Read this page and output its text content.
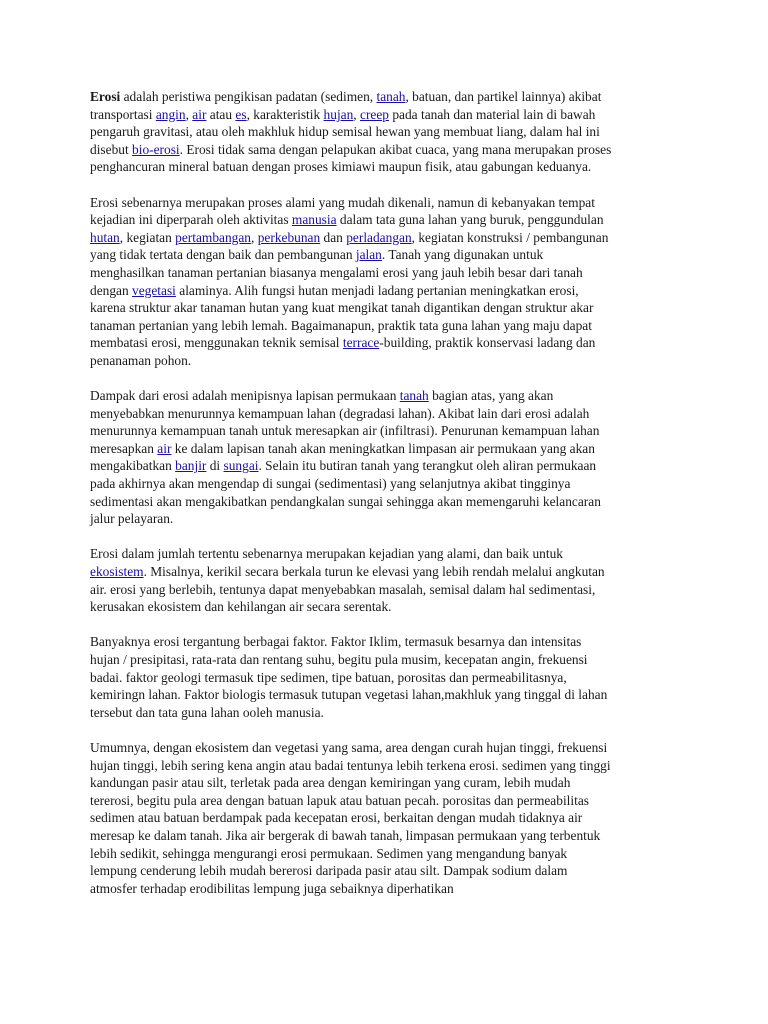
Erosi adalah peristiwa pengikisan padatan (sedimen, tanah, batuan, dan partikel lainnya) akibat
transportasi angin, air atau es, karakteristik hujan, creep pada tanah dan material lain di bawah
pengaruh gravitasi, atau oleh makhluk hidup semisal hewan yang membuat liang, dalam hal ini
disebut bio-erosi. Erosi tidak sama dengan pelapukan akibat cuaca, yang mana merupakan proses
penghancuran mineral batuan dengan proses kimiawi maupun fisik, atau gabungan keduanya.

Erosi sebenarnya merupakan proses alami yang mudah dikenali, namun di kebanyakan tempat
kejadian ini diperparah oleh aktivitas manusia dalam tata guna lahan yang buruk, penggundulan
hutan, kegiatan pertambangan, perkebunan dan perladangan, kegiatan konstruksi / pembangunan
yang tidak tertata dengan baik dan pembangunan jalan. Tanah yang digunakan untuk
menghasilkan tanaman pertanian biasanya mengalami erosi yang jauh lebih besar dari tanah
dengan vegetasi alaminya. Alih fungsi hutan menjadi ladang pertanian meningkatkan erosi,
karena struktur akar tanaman hutan yang kuat mengikat tanah digantikan dengan struktur akar
tanaman pertanian yang lebih lemah. Bagaimanapun, praktik tata guna lahan yang maju dapat
membatasi erosi, menggunakan teknik semisal terrace-building, praktik konservasi ladang dan
penanaman pohon.

Dampak dari erosi adalah menipisnya lapisan permukaan tanah bagian atas, yang akan
menyebabkan menurunnya kemampuan lahan (degradasi lahan). Akibat lain dari erosi adalah
menurunnya kemampuan tanah untuk meresapkan air (infiltrasi). Penurunan kemampuan lahan
meresapkan air ke dalam lapisan tanah akan meningkatkan limpasan air permukaan yang akan
mengakibatkan banjir di sungai. Selain itu butiran tanah yang terangkut oleh aliran permukaan
pada akhirnya akan mengendap di sungai (sedimentasi) yang selanjutnya akibat tingginya
sedimentasi akan mengakibatkan pendangkalan sungai sehingga akan memengaruhi kelancaran
jalur pelayaran.

Erosi dalam jumlah tertentu sebenarnya merupakan kejadian yang alami, dan baik untuk
ekosistem. Misalnya, kerikil secara berkala turun ke elevasi yang lebih rendah melalui angkutan
air. erosi yang berlebih, tentunya dapat menyebabkan masalah, semisal dalam hal sedimentasi,
kerusakan ekosistem dan kehilangan air secara serentak.

Banyaknya erosi tergantung berbagai faktor. Faktor Iklim, termasuk besarnya dan intensitas
hujan / presipitasi, rata-rata dan rentang suhu, begitu pula musim, kecepatan angin, frekuensi
badai. faktor geologi termasuk tipe sedimen, tipe batuan, porositas dan permeabilitasnya,
kemiringn lahan. Faktor biologis termasuk tutupan vegetasi lahan,makhluk yang tinggal di lahan
tersebut dan tata guna lahan ooleh manusia.

Umumnya, dengan ekosistem dan vegetasi yang sama, area dengan curah hujan tinggi, frekuensi
hujan tinggi, lebih sering kena angin atau badai tentunya lebih terkena erosi. sedimen yang tinggi
kandungan pasir atau silt, terletak pada area dengan kemiringan yang curam, lebih mudah
tererosi, begitu pula area dengan batuan lapuk atau batuan pecah. porositas dan permeabilitas
sedimen atau batuan berdampak pada kecepatan erosi, berkaitan dengan mudah tidaknya air
meresap ke dalam tanah. Jika air bergerak di bawah tanah, limpasan permukaan yang terbentuk
lebih sedikit, sehingga mengurangi erosi permukaan. Sedimen yang mengandung banyak
lempung cenderung lebih mudah bererosi daripada pasir atau silt. Dampak sodium dalam
atmosfer terhadap erodibilitas lempung juga sebaiknya diperhatikan
